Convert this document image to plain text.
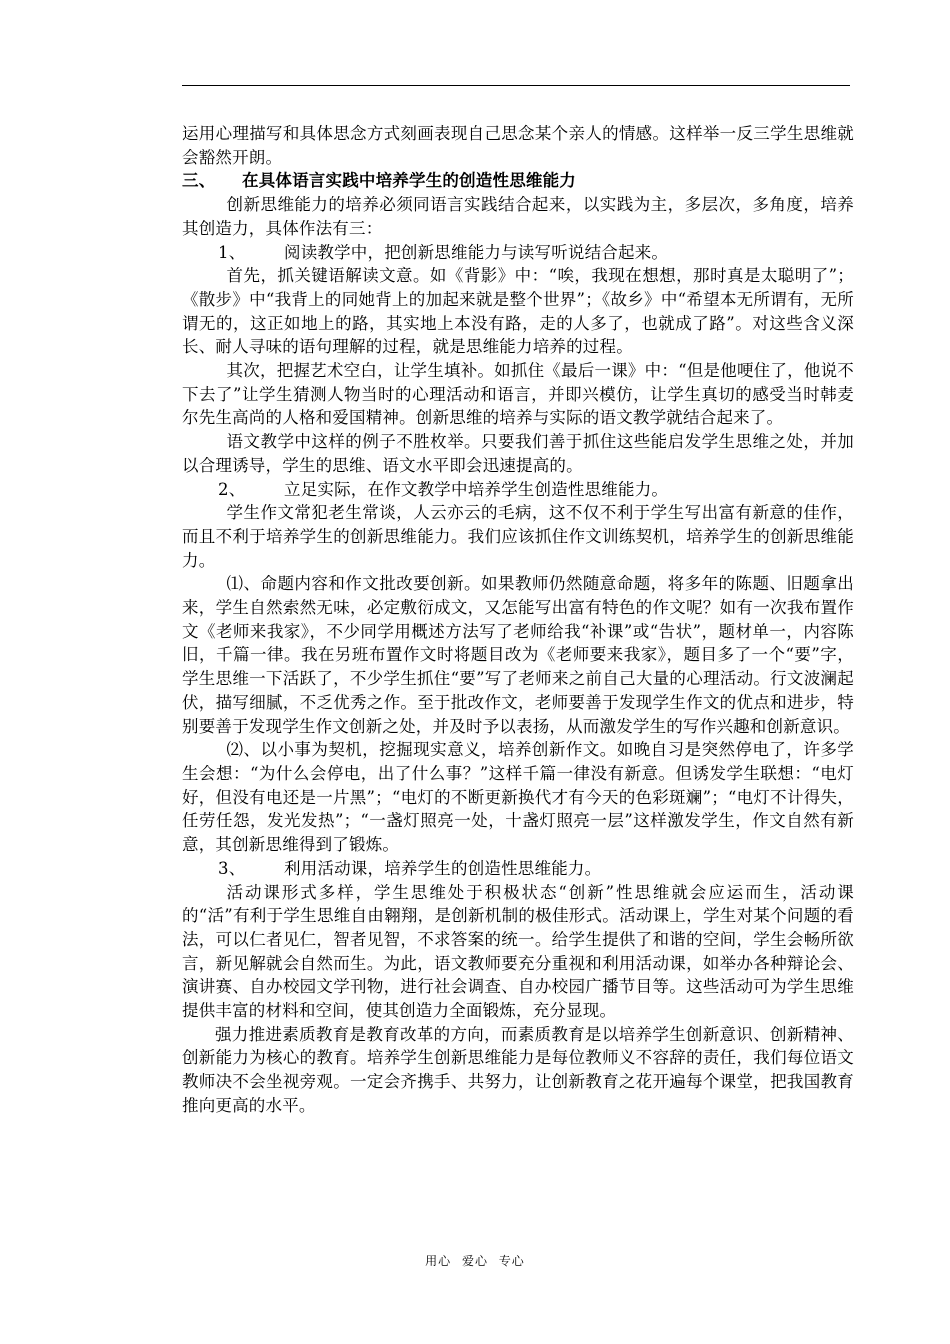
运用心理描写和具体思念方式刻画表现自己思念某个亲人的情感。这样举一反三学生思维就会豁然开朗。

三、	在具体语言实践中培养学生的创造性思维能力

创新思维能力的培养必须同语言实践结合起来，以实践为主，多层次，多角度，培养其创造力，具体作法有三：

1、	阅读教学中，把创新思维能力与读写听说结合起来。

首先，抓关键语解读文意。如《背影》中：“唉，我现在想想，那时真是太聪明了”；《散步》中“我背上的同她背上的加起来就是整个世界”；《故乡》中“希望本无所谓有，无所谓无的，这正如地上的路，其实地上本没有路，走的人多了，也就成了路”。对这些含义深长、耐人寻味的语句理解的过程，就是思维能力培养的过程。

其次，把握艺术空白，让学生填补。如抓住《最后一课》中：“但是他哽住了，他说不下去了”让学生猜测人物当时的心理活动和语言，并即兴模仿，让学生真切的感受当时韩麦尔先生高尚的人格和爱国精神。创新思维的培养与实际的语文教学就结合起来了。

语文教学中这样的例子不胜枚举。只要我们善于抓住这些能启发学生思维之处，并加以合理诱导，学生的思维、语文水平即会迅速提高的。

2、	立足实际，在作文教学中培养学生创造性思维能力。

学生作文常犯老生常谈，人云亦云的毛病，这不仅不利于学生写出富有新意的佳作，而且不利于培养学生的创新思维能力。我们应该抓住作文训练契机，培养学生的创新思维能力。

⑴、命题内容和作文批改要创新。如果教师仍然随意命题，将多年的陈题、旧题拿出来，学生自然索然无味，必定敷衍成文，又怎能写出富有特色的作文呢？如有一次我布置作文《老师来我家》，不少同学用概述方法写了老师给我“补课”或“告状”，题材单一，内容陈旧，千篇一律。我在另班布置作文时将题目改为《老师要来我家》，题目多了一个“要”字，学生思维一下活跃了，不少学生抓住“要”写了老师来之前自己大量的心理活动。行文波澜起伏，描写细腻，不乏优秀之作。至于批改作文，老师要善于发现学生作文的优点和进步，特别要善于发现学生作文创新之处，并及时予以表扬，从而激发学生的写作兴趣和创新意识。

⑵、以小事为契机，挖掘现实意义，培养创新作文。如晚自习是突然停电了，许多学生会想：“为什么会停电，出了什么事？”这样千篇一律没有新意。但诱发学生联想：“电灯好，但没有电还是一片黑”；“电灯的不断更新换代才有今天的色彩斑斓”；“电灯不计得失，任劳任怨，发光发热”；“一盏灯照亮一处，十盏灯照亮一层”这样激发学生，作文自然有新意，其创新思维得到了锻炼。

3、	利用活动课，培养学生的创造性思维能力。

活动课形式多样，学生思维处于积极状态“创新”性思维就会应运而生，活动课的“活”有利于学生思维自由翱翔，是创新机制的极佳形式。活动课上，学生对某个问题的看法，可以仁者见仁，智者见智，不求答案的统一。给学生提供了和谐的空间，学生会畅所欲言，新见解就会自然而生。为此，语文教师要充分重视和利用活动课，如举办各种辩论会、演讲赛、自办校园文学刊物，进行社会调查、自办校园广播节目等。这些活动可为学生思维提供丰富的材料和空间，使其创造力全面锻炼，充分显现。

强力推进素质教育是教育改革的方向，而素质教育是以培养学生创新意识、创新精神、创新能力为核心的教育。培养学生创新思维能力是每位教师义不容辞的责任，我们每位语文教师决不会坐视旁观。一定会齐携手、共努力，让创新教育之花开遍每个课堂，把我国教育推向更高的水平。

用心 爱心 专心
